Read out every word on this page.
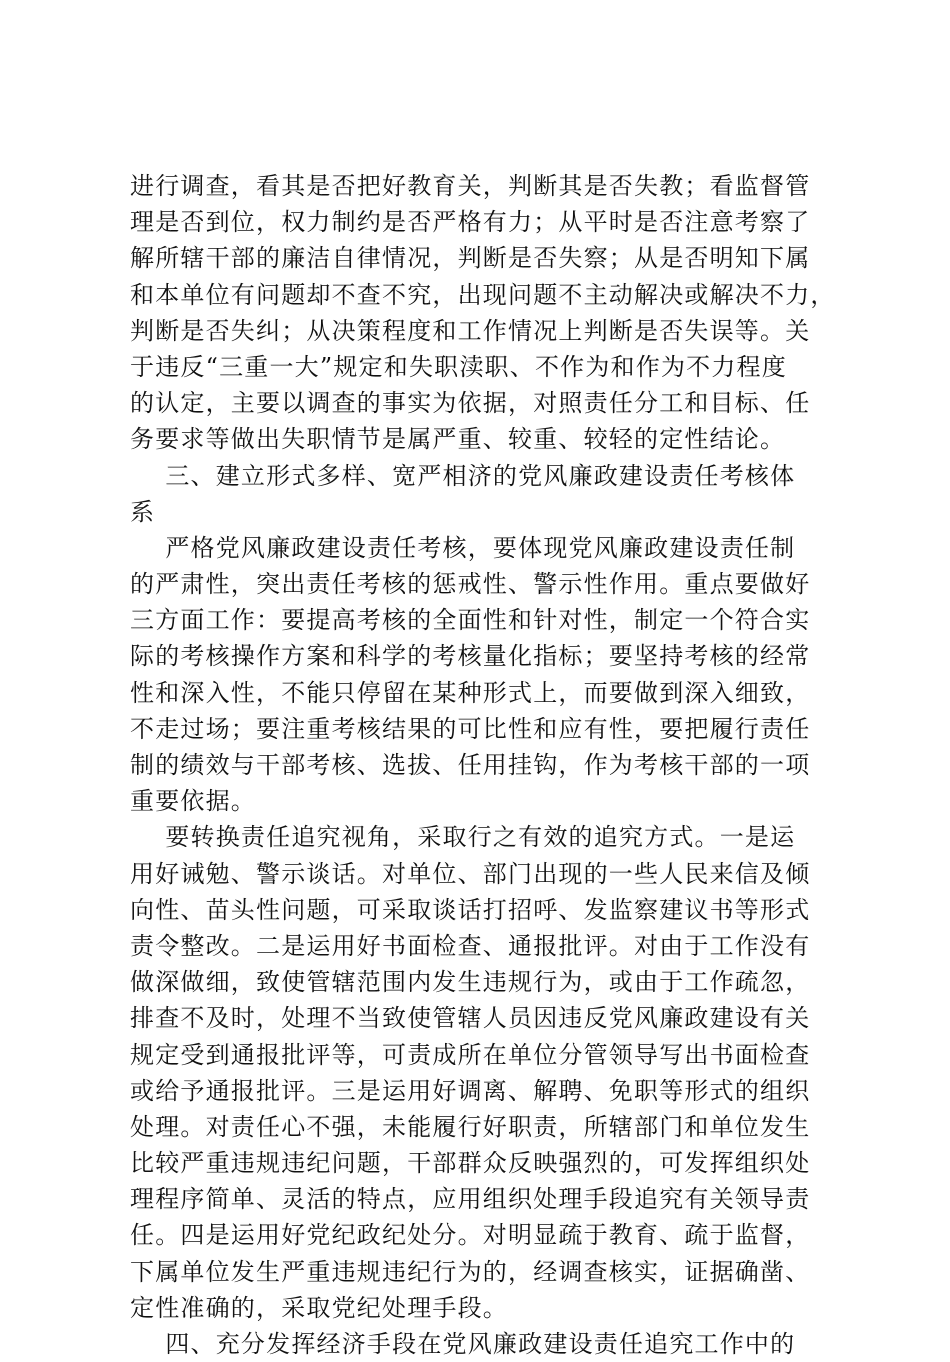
进行调查，看其是否把好教育关，判断其是否失教；看监督管
理是否到位，权力制约是否严格有力；从平时是否注意考察了
解所辖干部的廉洁自律情况，判断是否失察；从是否明知下属
和本单位有问题却不查不究，出现问题不主动解决或解决不力，
判断是否失纠；从决策程度和工作情况上判断是否失误等。关
于违反“三重一大”规定和失职渎职、不作为和作为不力程度
的认定，主要以调查的事实为依据，对照责任分工和目标、任
务要求等做出失职情节是属严重、较重、较轻的定性结论。
三、建立形式多样、宽严相济的党风廉政建设责任考核体
系
严格党风廉政建设责任考核，要体现党风廉政建设责任制
的严肃性，突出责任考核的惩戒性、警示性作用。重点要做好
三方面工作：要提高考核的全面性和针对性，制定一个符合实
际的考核操作方案和科学的考核量化指标；要坚持考核的经常
性和深入性，不能只停留在某种形式上，而要做到深入细致，
不走过场；要注重考核结果的可比性和应有性，要把履行责任
制的绩效与干部考核、选拔、任用挂钩，作为考核干部的一项
重要依据。
要转换责任追究视角，采取行之有效的追究方式。一是运
用好诫勉、警示谈话。对单位、部门出现的一些人民来信及倾
向性、苗头性问题，可采取谈话打招呼、发监察建议书等形式
责令整改。二是运用好书面检查、通报批评。对由于工作没有
做深做细，致使管辖范围内发生违规行为，或由于工作疏忽，
排查不及时，处理不当致使管辖人员因违反党风廉政建设有关
规定受到通报批评等，可责成所在单位分管领导写出书面检查
或给予通报批评。三是运用好调离、解聘、免职等形式的组织
处理。对责任心不强，未能履行好职责，所辖部门和单位发生
比较严重违规违纪问题，干部群众反映强烈的，可发挥组织处
理程序简单、灵活的特点，应用组织处理手段追究有关领导责
任。四是运用好党纪政纪处分。对明显疏于教育、疏于监督，
下属单位发生严重违规违纪行为的，经调查核实，证据确凿、
定性准确的，采取党纪处理手段。
四、充分发挥经济手段在党风廉政建设责任追究工作中的
